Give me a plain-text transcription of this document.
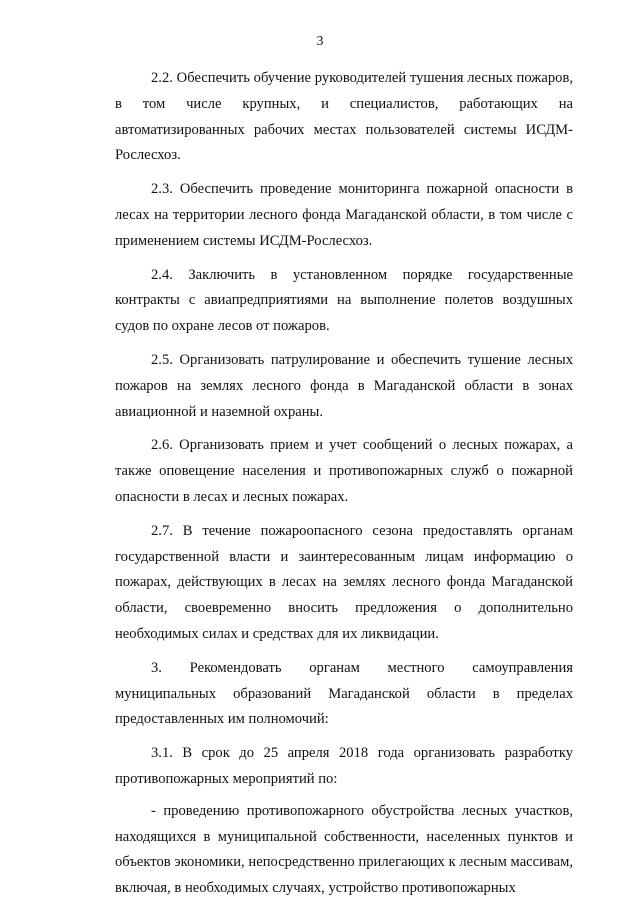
3

2.2. Обеспечить обучение руководителей тушения лесных пожаров, в том числе крупных, и специалистов, работающих на автоматизированных рабочих местах пользователей системы ИСДМ-Рослесхоз.

2.3. Обеспечить проведение мониторинга пожарной опасности в лесах на территории лесного фонда Магаданской области, в том числе с применением системы ИСДМ-Рослесхоз.

2.4. Заключить в установленном порядке государственные контракты с авиапредприятиями на выполнение полетов воздушных судов по охране лесов от пожаров.

2.5. Организовать патрулирование и обеспечить тушение лесных пожаров на землях лесного фонда в Магаданской области в зонах авиационной и наземной охраны.

2.6. Организовать прием и учет сообщений о лесных пожарах, а также оповещение населения и противопожарных служб о пожарной опасности в лесах и лесных пожарах.

2.7. В течение пожароопасного сезона предоставлять органам государственной власти и заинтересованным лицам информацию о пожарах, действующих в лесах на землях лесного фонда Магаданской области, своевременно вносить предложения о дополнительно необходимых силах и средствах для их ликвидации.

3. Рекомендовать органам местного самоуправления муниципальных образований Магаданской области в пределах предоставленных им полномочий:

3.1. В срок до 25 апреля 2018 года организовать разработку противопожарных мероприятий по:

- проведению противопожарного обустройства лесных участков, находящихся в муниципальной собственности, населенных пунктов и объектов экономики, непосредственно прилегающих к лесным массивам, включая, в необходимых случаях, устройство противопожарных
